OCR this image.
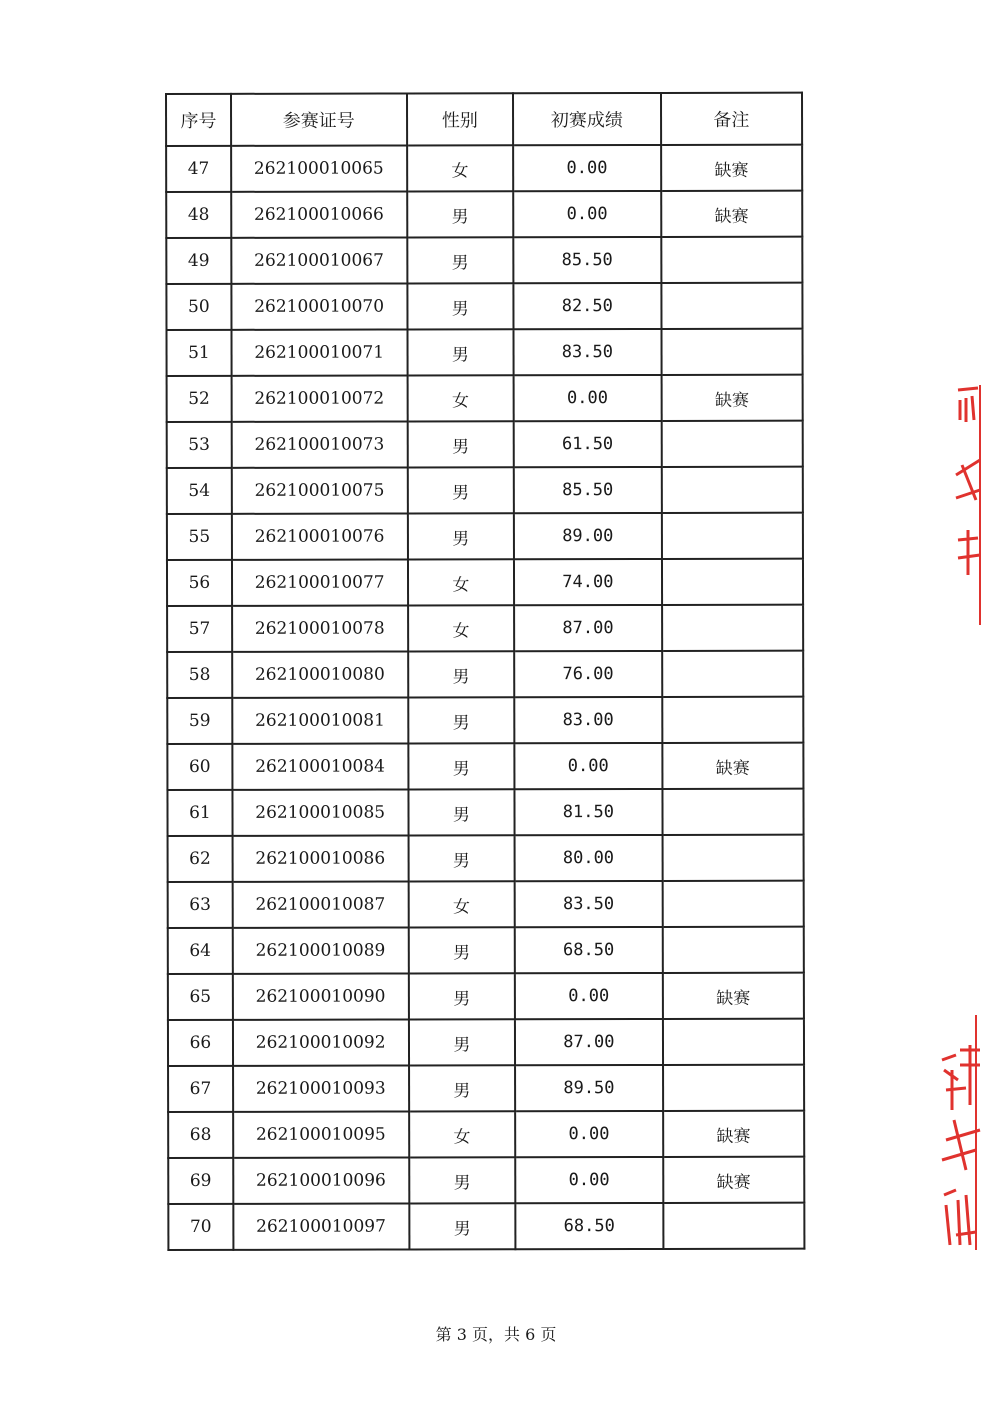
序号	参赛证号	性别	初赛成绩	备注
47	262100010065	女	0.00	缺赛
48	262100010066	男	0.00	缺赛
49	262100010067	男	85.50	
50	262100010070	男	82.50	
51	262100010071	男	83.50	
52	262100010072	女	0.00	缺赛
53	262100010073	男	61.50	
54	262100010075	男	85.50	
55	262100010076	男	89.00	
56	262100010077	女	74.00	
57	262100010078	女	87.00	
58	262100010080	男	76.00	
59	262100010081	男	83.00	
60	262100010084	男	0.00	缺赛
61	262100010085	男	81.50	
62	262100010086	男	80.00	
63	262100010087	女	83.50	
64	262100010089	男	68.50	
65	262100010090	男	0.00	缺赛
66	262100010092	男	87.00	
67	262100010093	男	89.50	
68	262100010095	女	0.00	缺赛
69	262100010096	男	0.00	缺赛
70	262100010097	男	68.50	
第 3 页，共 6 页
